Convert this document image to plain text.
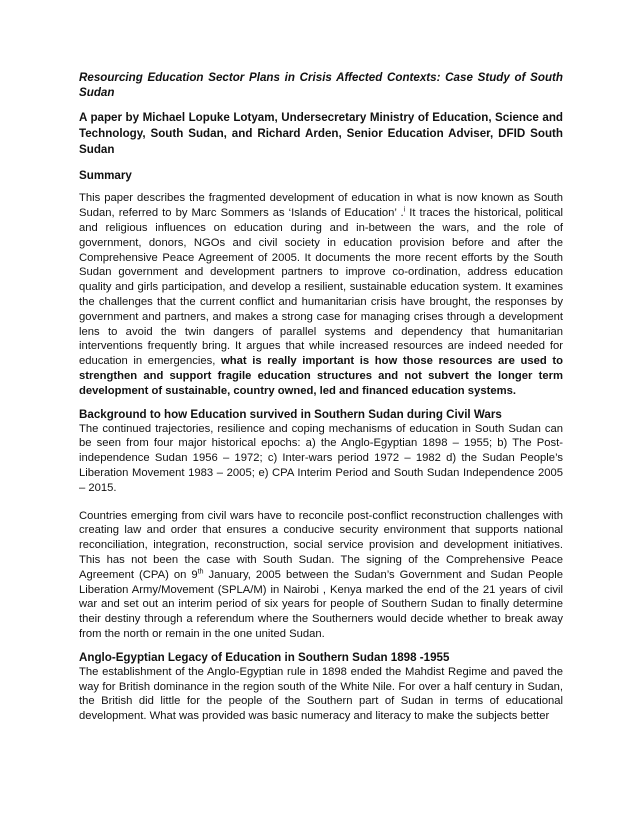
Resourcing Education Sector Plans in Crisis Affected Contexts: Case Study of South Sudan

A paper by Michael Lopuke Lotyam, Undersecretary Ministry of Education, Science and Technology, South Sudan, and Richard Arden, Senior Education Adviser, DFID South Sudan

Summary

This paper describes the fragmented development of education in what is now known as South Sudan, referred to by Marc Sommers as ‘Islands of Education’ .$^i$ It traces the historical, political and religious influences on education during and in-between the wars, and the role of government, donors, NGOs and civil society in education provision before and after the Comprehensive Peace Agreement of 2005. It documents the more recent efforts by the South Sudan government and development partners to improve co-ordination, address education quality and girls participation, and develop a resilient, sustainable education system. It examines the challenges that the current conflict and humanitarian crisis have brought, the responses by government and partners, and makes a strong case for managing crises through a development lens to avoid the twin dangers of parallel systems and dependency that humanitarian interventions frequently bring. It argues that while increased resources are indeed needed for education in emergencies, what is really important is how those resources are used to strengthen and support fragile education structures and not subvert the longer term development of sustainable, country owned, led and financed education systems.

Background to how Education survived in Southern Sudan during Civil Wars

The continued trajectories, resilience and coping mechanisms of education in South Sudan can be seen from four major historical epochs: a) the Anglo-Egyptian 1898 – 1955; b) The Post-independence Sudan 1956 – 1972; c) Inter-wars period 1972 – 1982 d) the Sudan People’s Liberation Movement 1983 – 2005; e) CPA Interim Period and South Sudan Independence 2005 – 2015.

Countries emerging from civil wars have to reconcile post-conflict reconstruction challenges with creating law and order that ensures a conducive security environment that supports national reconciliation, integration, reconstruction, social service provision and development initiatives. This has not been the case with South Sudan. The signing of the Comprehensive Peace Agreement (CPA) on 9th January, 2005 between the Sudan’s Government and Sudan People Liberation Army/Movement (SPLA/M) in Nairobi , Kenya marked the end of the 21 years of civil war and set out an interim period of six years for people of Southern Sudan to finally determine their destiny through a referendum where the Southerners would decide whether to break away from the north or remain in the one united Sudan.

Anglo-Egyptian Legacy of Education in Southern Sudan 1898 -1955

The establishment of the Anglo-Egyptian rule in 1898 ended the Mahdist Regime and paved the way for British dominance in the region south of the White Nile. For over a half century in Sudan, the British did little for the people of the Southern part of Sudan in terms of educational development. What was provided was basic numeracy and literacy to make the subjects better
